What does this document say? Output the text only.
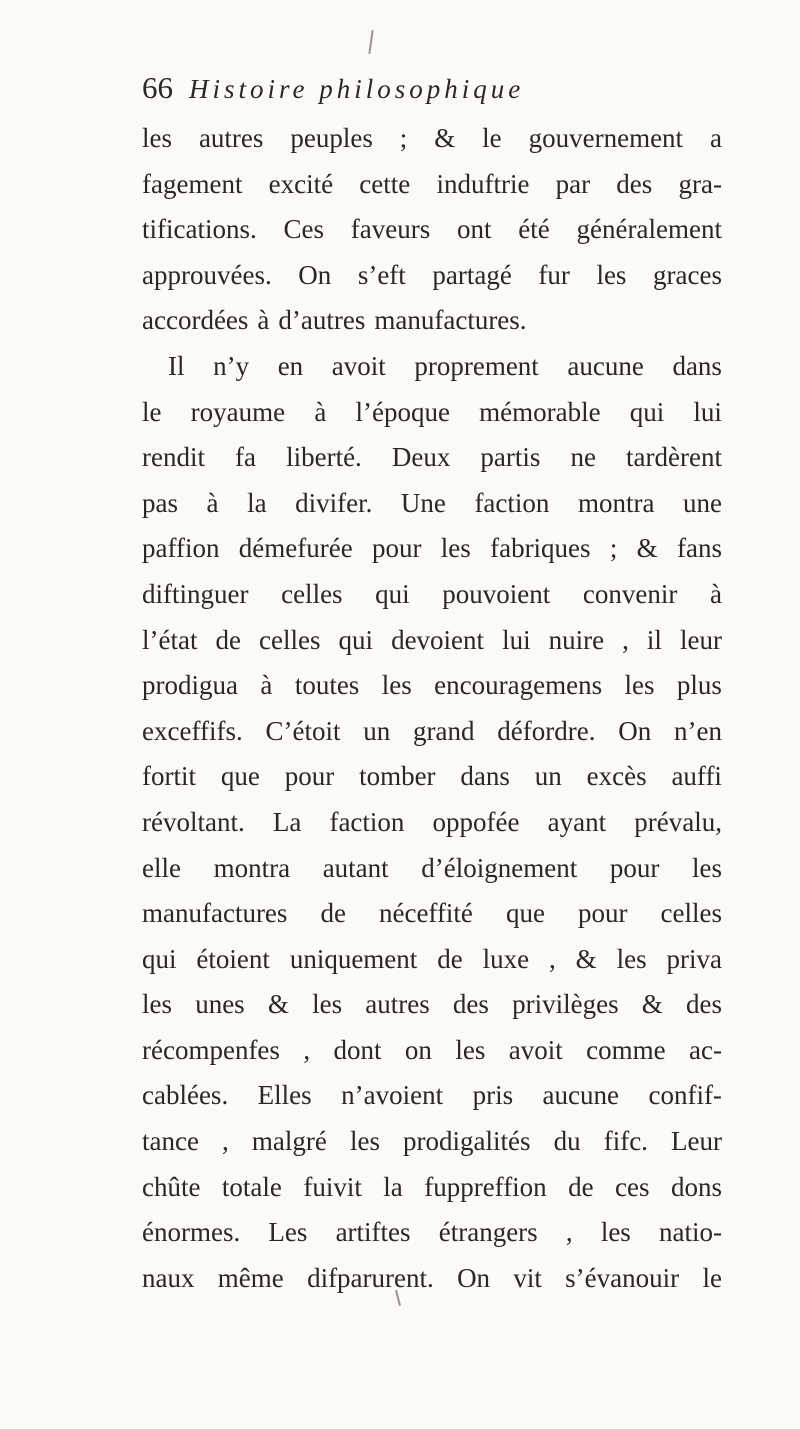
66 Histoire philosophique
les autres peuples ; & le gouvernement a
fagement excité cette induftrie par des gra-
tifications. Ces faveurs ont été généralement
approuvées. On s’eft partagé fur les graces
accordées à d’autres manufactures.
Il n’y en avoit proprement aucune dans
le royaume à l’époque mémorable qui lui
rendit fa liberté. Deux partis ne tardèrent
pas à la divifer. Une faction montra une
paffion démefurée pour les fabriques ; & fans
diftinguer celles qui pouvoient convenir à
l’état de celles qui devoient lui nuire , il leur
prodigua à toutes les encouragemens les plus
exceffifs. C’étoit un grand défordre. On n’en
fortit que pour tomber dans un excès auffi
révoltant. La faction oppofée ayant prévalu,
elle montra autant d’éloignement pour les
manufactures de néceffité que pour celles
qui étoient uniquement de luxe , & les priva
les unes & les autres des privilèges & des
récompenfes , dont on les avoit comme ac-
cablées. Elles n’avoient pris aucune confif-
tance , malgré les prodigalités du fifc. Leur
chûte totale fuivit la fuppreffion de ces dons
énormes. Les artiftes étrangers , les natio-
naux même difparurent. On vit s’évanouir le
